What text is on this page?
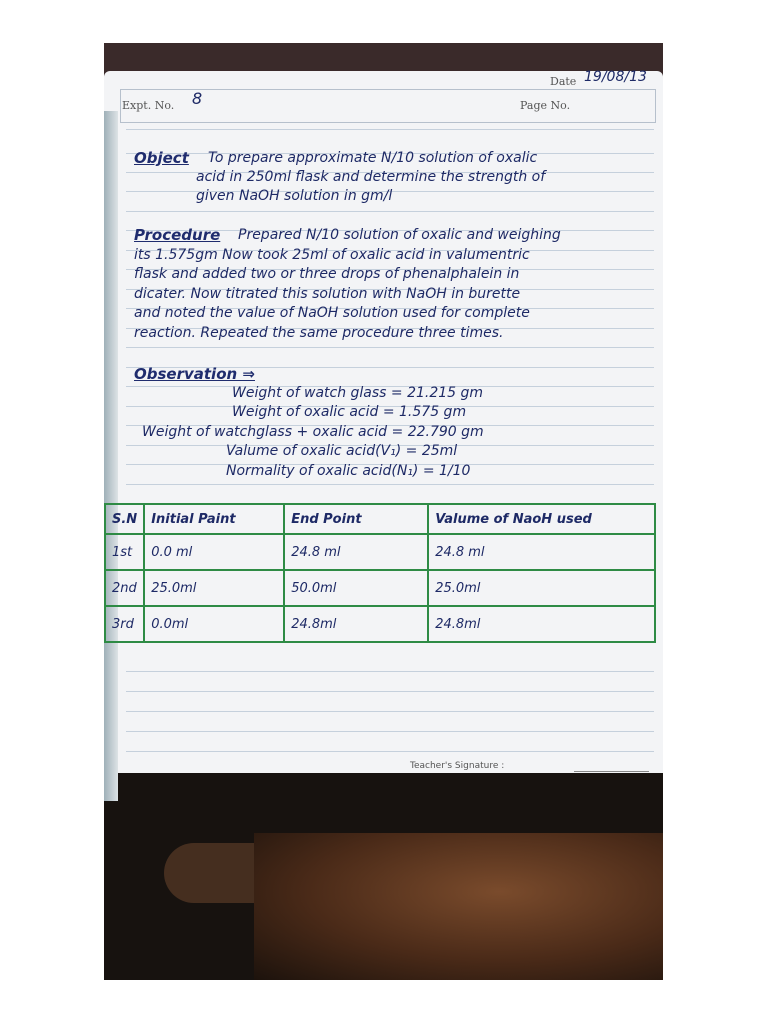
Date 19/08/13
Expt. No. 8	Page No.
Object To prepare approximate N/10 solution of oxalic
acid in 250ml flask and determine the strength of
given NaOH solution in gm/l
Procedure Prepared N/10 solution of oxalic and weighing
its 1.575gm Now took 25ml of oxalic acid in valumentric
flask and added two or three drops of phenalphalein in
dicater. Now titrated this solution with NaOH in burette
and noted the value of NaOH solution used for complete
reaction. Repeated the same procedure three times.
Observation ⇒
Weight of watch glass = 21.215 gm
Weight of oxalic acid = 1.575 gm
Weight of watchglass + oxalic acid = 22.790 gm
Valume of oxalic acid(V₁) = 25ml
Normality of oxalic acid(N₁) = 1/10
S.N	Initial Paint	End Point	Valume of NaoH used
1st	0.0 ml	24.8 ml	24.8 ml
2nd	25.0ml	50.0ml	25.0ml
3rd	0.0ml	24.8ml	24.8ml
Teacher's Signature :
